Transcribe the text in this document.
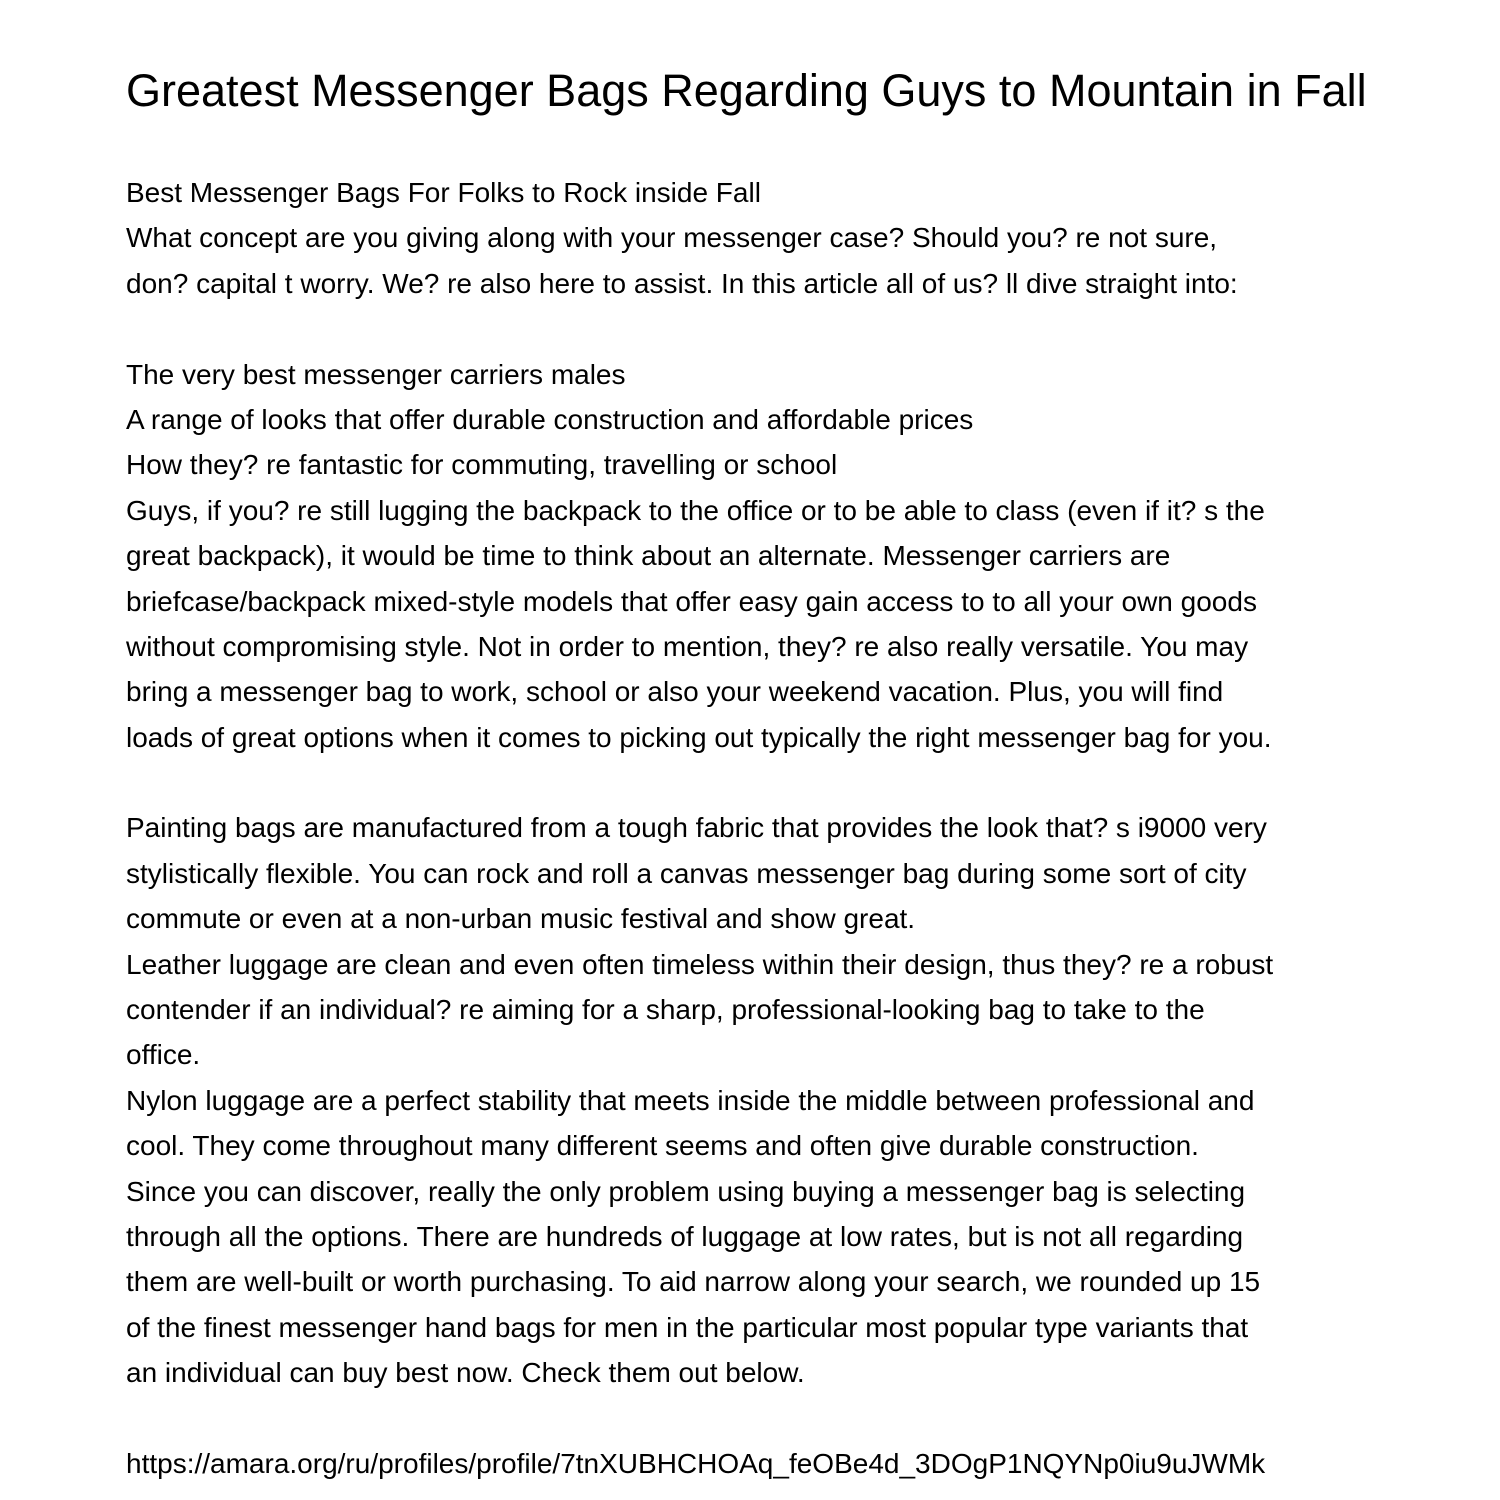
Greatest Messenger Bags Regarding Guys to Mountain in Fall
Best Messenger Bags For Folks to Rock inside Fall
What concept are you giving along with your messenger case? Should you? re not sure,
don? capital t worry. We? re also here to assist. In this article all of us? ll dive straight into:
The very best messenger carriers males
A range of looks that offer durable construction and affordable prices
How they? re fantastic for commuting, travelling or school
Guys, if you? re still lugging the backpack to the office or to be able to class (even if it? s the
great backpack), it would be time to think about an alternate. Messenger carriers are
briefcase/backpack mixed-style models that offer easy gain access to to all your own goods
without compromising style. Not in order to mention, they? re also really versatile. You may
bring a messenger bag to work, school or also your weekend vacation. Plus, you will find
loads of great options when it comes to picking out typically the right messenger bag for you.
Painting bags are manufactured from a tough fabric that provides the look that? s i9000 very
stylistically flexible. You can rock and roll a canvas messenger bag during some sort of city
commute or even at a non-urban music festival and show great.
Leather luggage are clean and even often timeless within their design, thus they? re a robust
contender if an individual? re aiming for a sharp, professional-looking bag to take to the
office.
Nylon luggage are a perfect stability that meets inside the middle between professional and
cool. They come throughout many different seems and often give durable construction.
Since you can discover, really the only problem using buying a messenger bag is selecting
through all the options. There are hundreds of luggage at low rates, but is not all regarding
them are well-built or worth purchasing. To aid narrow along your search, we rounded up 15
of the finest messenger hand bags for men in the particular most popular type variants that
an individual can buy best now. Check them out below.
https://amara.org/ru/profiles/profile/7tnXUBHCHOAq_feOBe4d_3DOgP1NQYNp0iu9uJWMk
